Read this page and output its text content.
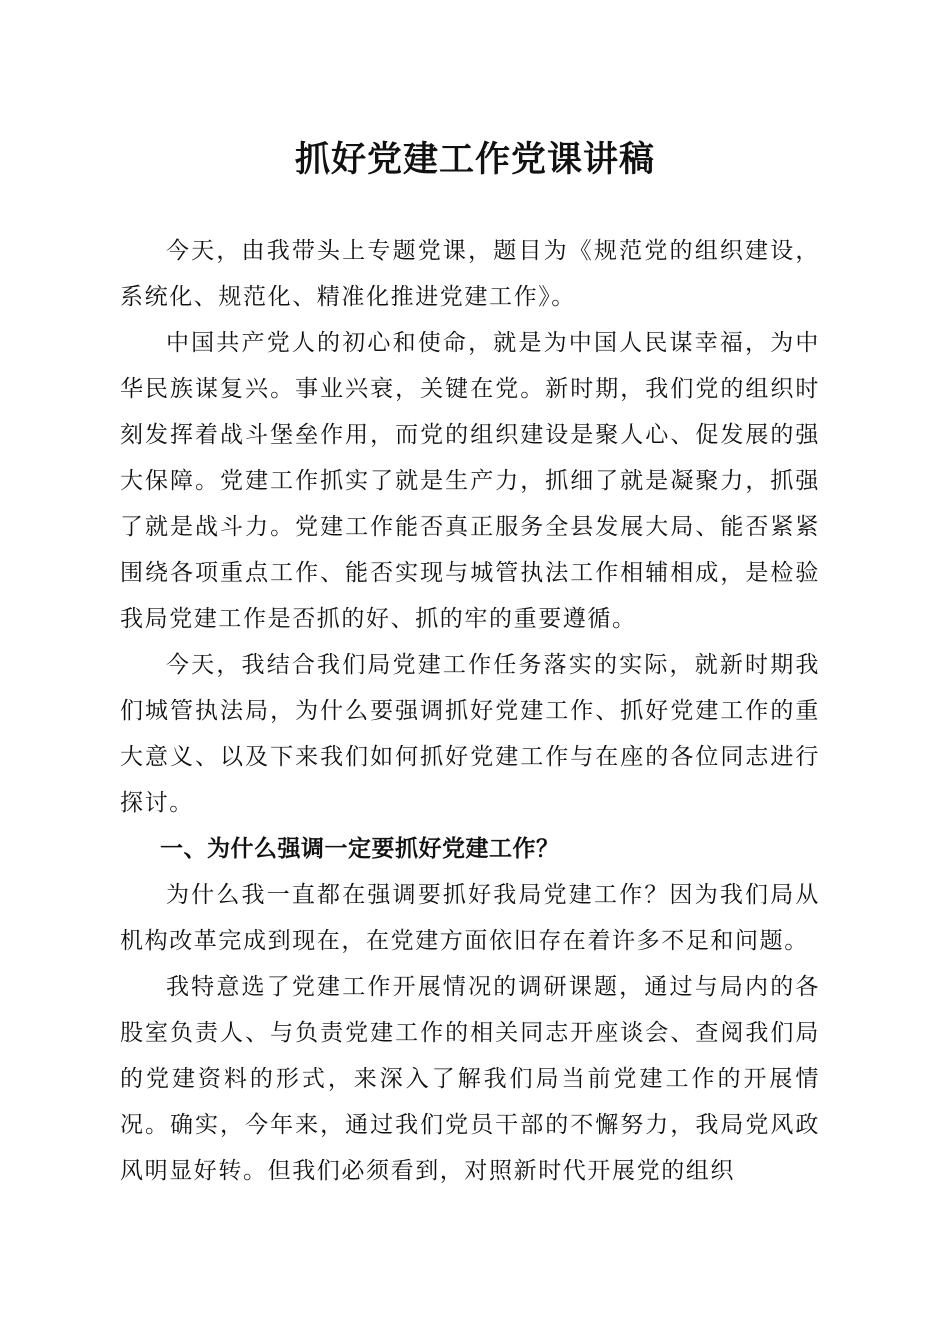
抓好党建工作党课讲稿

今天，由我带头上专题党课，题目为《规范党的组织建设，系统化、规范化、精准化推进党建工作》。

中国共产党人的初心和使命，就是为中国人民谋幸福，为中华民族谋复兴。事业兴衰，关键在党。新时期，我们党的组织时刻发挥着战斗堡垒作用，而党的组织建设是聚人心、促发展的强大保障。党建工作抓实了就是生产力，抓细了就是凝聚力，抓强了就是战斗力。党建工作能否真正服务全县发展大局、能否紧紧围绕各项重点工作、能否实现与城管执法工作相辅相成，是检验我局党建工作是否抓的好、抓的牢的重要遵循。

今天，我结合我们局党建工作任务落实的实际，就新时期我们城管执法局，为什么要强调抓好党建工作、抓好党建工作的重大意义、以及下来我们如何抓好党建工作与在座的各位同志进行探讨。

一、为什么强调一定要抓好党建工作？

为什么我一直都在强调要抓好我局党建工作？因为我们局从机构改革完成到现在，在党建方面依旧存在着许多不足和问题。

我特意选了党建工作开展情况的调研课题，通过与局内的各股室负责人、与负责党建工作的相关同志开座谈会、查阅我们局的党建资料的形式，来深入了解我们局当前党建工作的开展情况。确实，今年来，通过我们党员干部的不懈努力，我局党风政风明显好转。但我们必须看到，对照新时代开展党的组织
